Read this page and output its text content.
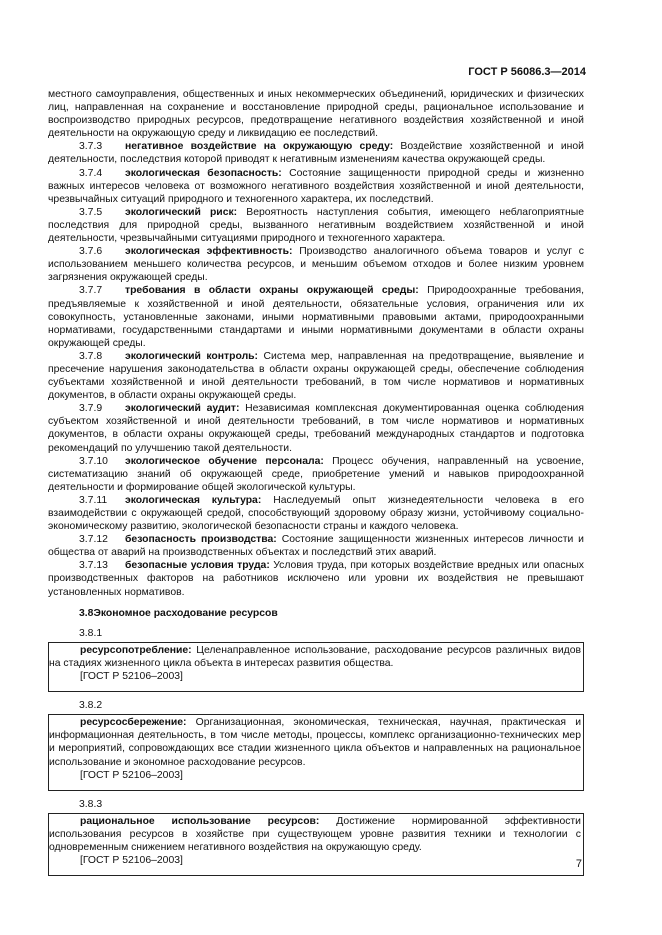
ГОСТ Р 56086.3—2014

местного самоуправления, общественных и иных некоммерческих объединений, юридических и физических лиц, направленная на сохранение и восстановление природной среды, рациональное использование и воспроизводство природных ресурсов, предотвращение негативного воздействия хозяйственной и иной деятельности на окружающую среду и ликвидацию ее последствий.

3.7.3 негативное воздействие на окружающую среду: Воздействие хозяйственной и иной деятельности, последствия которой приводят к негативным изменениям качества окружающей среды.

3.7.4 экологическая безопасность: Состояние защищенности природной среды и жизненно важных интересов человека от возможного негативного воздействия хозяйственной и иной деятельности, чрезвычайных ситуаций природного и техногенного характера, их последствий.

3.7.5 экологический риск: Вероятность наступления события, имеющего неблагоприятные последствия для природной среды, вызванного негативным воздействием хозяйственной и иной деятельности, чрезвычайными ситуациями природного и техногенного характера.

3.7.6 экологическая эффективность: Производство аналогичного объема товаров и услуг с использованием меньшего количества ресурсов, и меньшим объемом отходов и более низким уровнем загрязнения окружающей среды.

3.7.7 требования в области охраны окружающей среды: Природоохранные требования, предъявляемые к хозяйственной и иной деятельности, обязательные условия, ограничения или их совокупность, установленные законами, иными нормативными правовыми актами, природоохранными нормативами, государственными стандартами и иными нормативными документами в области охраны окружающей среды.

3.7.8 экологический контроль: Система мер, направленная на предотвращение, выявление и пресечение нарушения законодательства в области охраны окружающей среды, обеспечение соблюдения субъектами хозяйственной и иной деятельности требований, в том числе нормативов и нормативных документов, в области охраны окружающей среды.

3.7.9 экологический аудит: Независимая комплексная документированная оценка соблюдения субъектом хозяйственной и иной деятельности требований, в том числе нормативов и нормативных документов, в области охраны окружающей среды, требований международных стандартов и подготовка рекомендаций по улучшению такой деятельности.

3.7.10 экологическое обучение персонала: Процесс обучения, направленный на усвоение, систематизацию знаний об окружающей среде, приобретение умений и навыков природоохранной деятельности и формирование общей экологической культуры.

3.7.11 экологическая культура: Наследуемый опыт жизнедеятельности человека в его взаимодействии с окружающей средой, способствующий здоровому образу жизни, устойчивому социально-экономическому развитию, экологической безопасности страны и каждого человека.

3.7.12 безопасность производства: Состояние защищенности жизненных интересов личности и общества от аварий на производственных объектах и последствий этих аварий.

3.7.13 безопасные условия труда: Условия труда, при которых воздействие вредных или опасных производственных факторов на работников исключено или уровни их воздействия не превышают установленных нормативов.

3.8Экономное расходование ресурсов

3.8.1

ресурсопотребление: Целенаправленное использование, расходование ресурсов различных видов на стадиях жизненного цикла объекта в интересах развития общества.

[ГОСТ Р 52106–2003]

3.8.2

ресурсосбережение: Организационная, экономическая, техническая, научная, практическая и информационная деятельность, в том числе методы, процессы, комплекс организационно-технических мер и мероприятий, сопровождающих все стадии жизненного цикла объектов и направленных на рациональное использование и экономное расходование ресурсов.

[ГОСТ Р 52106–2003]

3.8.3

рациональное использование ресурсов: Достижение нормированной эффективности использования ресурсов в хозяйстве при существующем уровне развития техники и технологии с одновременным снижением негативного воздействия на окружающую среду.

[ГОСТ Р 52106–2003]	7
